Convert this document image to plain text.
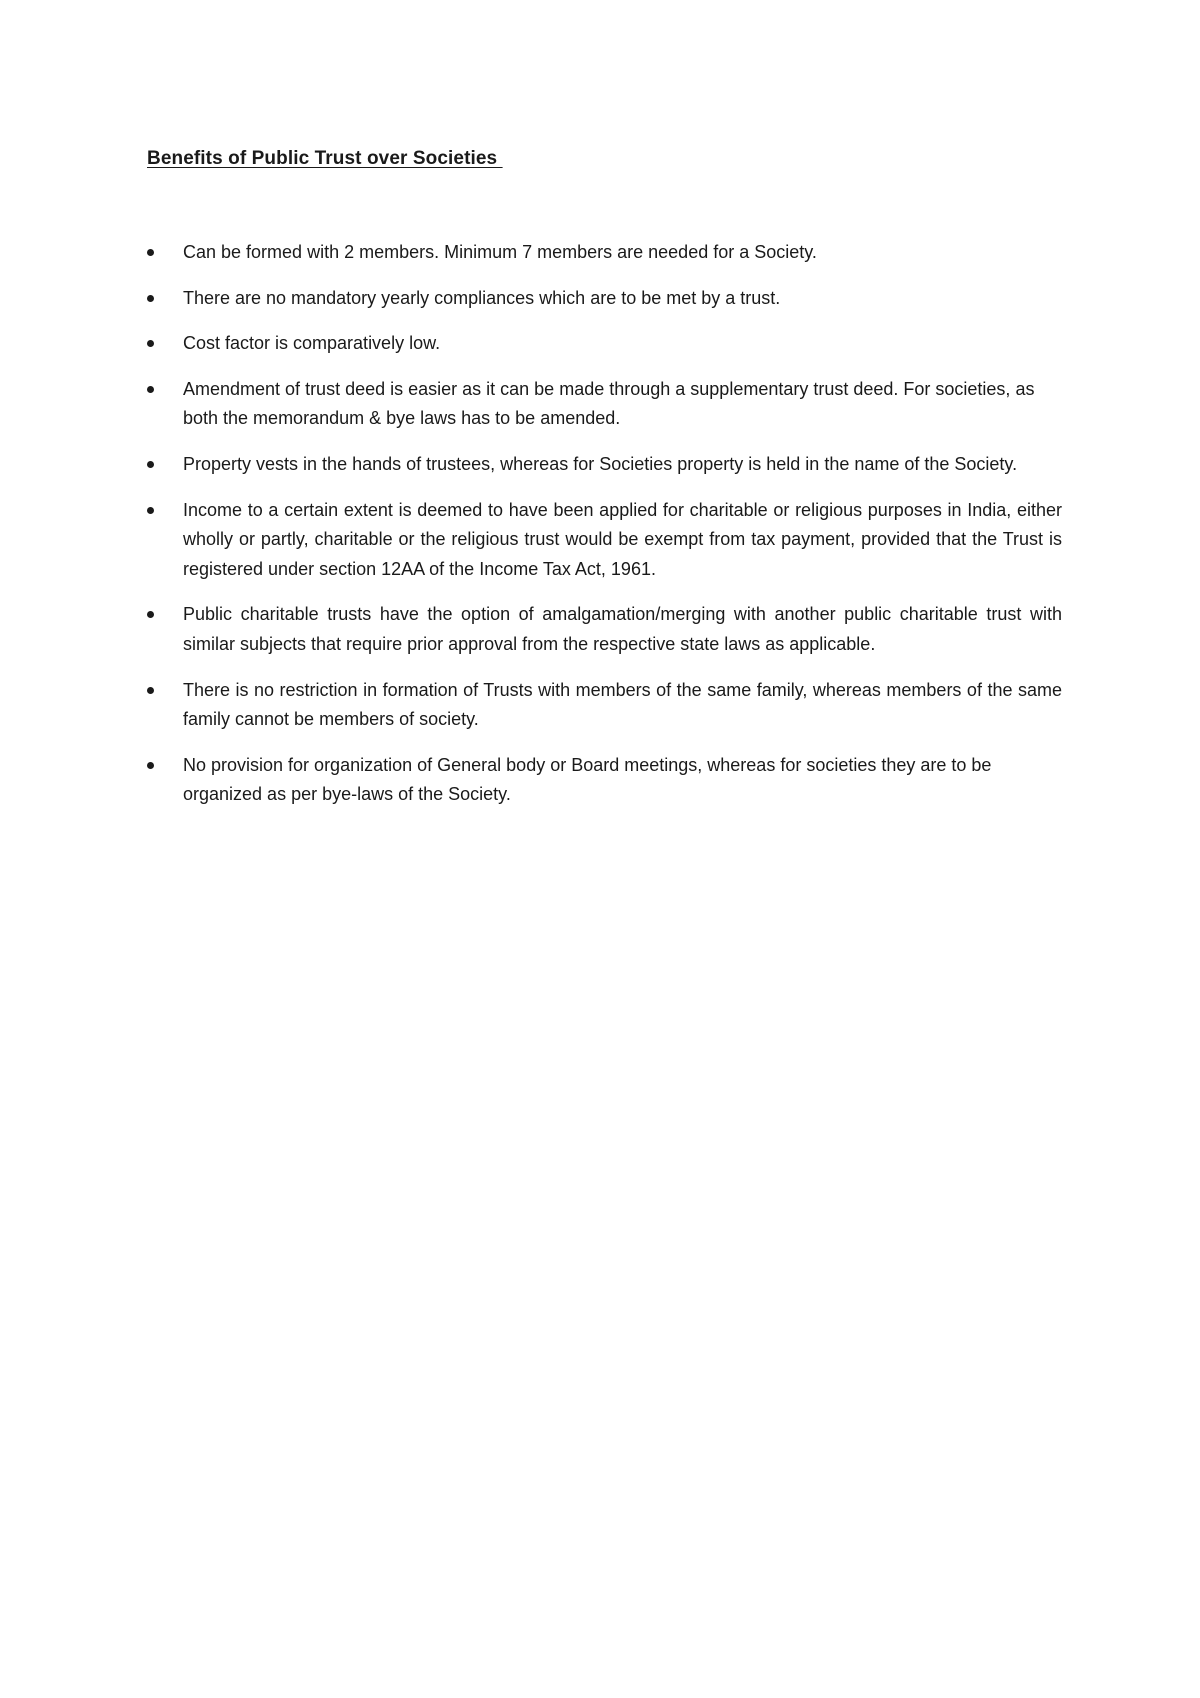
Benefits of Public Trust over Societies
Can be formed with 2 members. Minimum 7 members are needed for a Society.
There are no mandatory yearly compliances which are to be met by a trust.
Cost factor is comparatively low.
Amendment of trust deed is easier as it can be made through a supplementary trust deed. For societies, as both the memorandum & bye laws has to be amended.
Property vests in the hands of trustees, whereas for Societies property is held in the name of the Society.
Income to a certain extent is deemed to have been applied for charitable or religious purposes in India, either wholly or partly, charitable or the religious trust would be exempt from tax payment, provided that the Trust is registered under section 12AA of the Income Tax Act, 1961.
Public charitable trusts have the option of amalgamation/merging with another public charitable trust with similar subjects that require prior approval from the respective state laws as applicable.
There is no restriction in formation of Trusts with members of the same family, whereas members of the same family cannot be members of society.
No provision for organization of General body or Board meetings, whereas for societies they are to be organized as per bye-laws of the Society.
